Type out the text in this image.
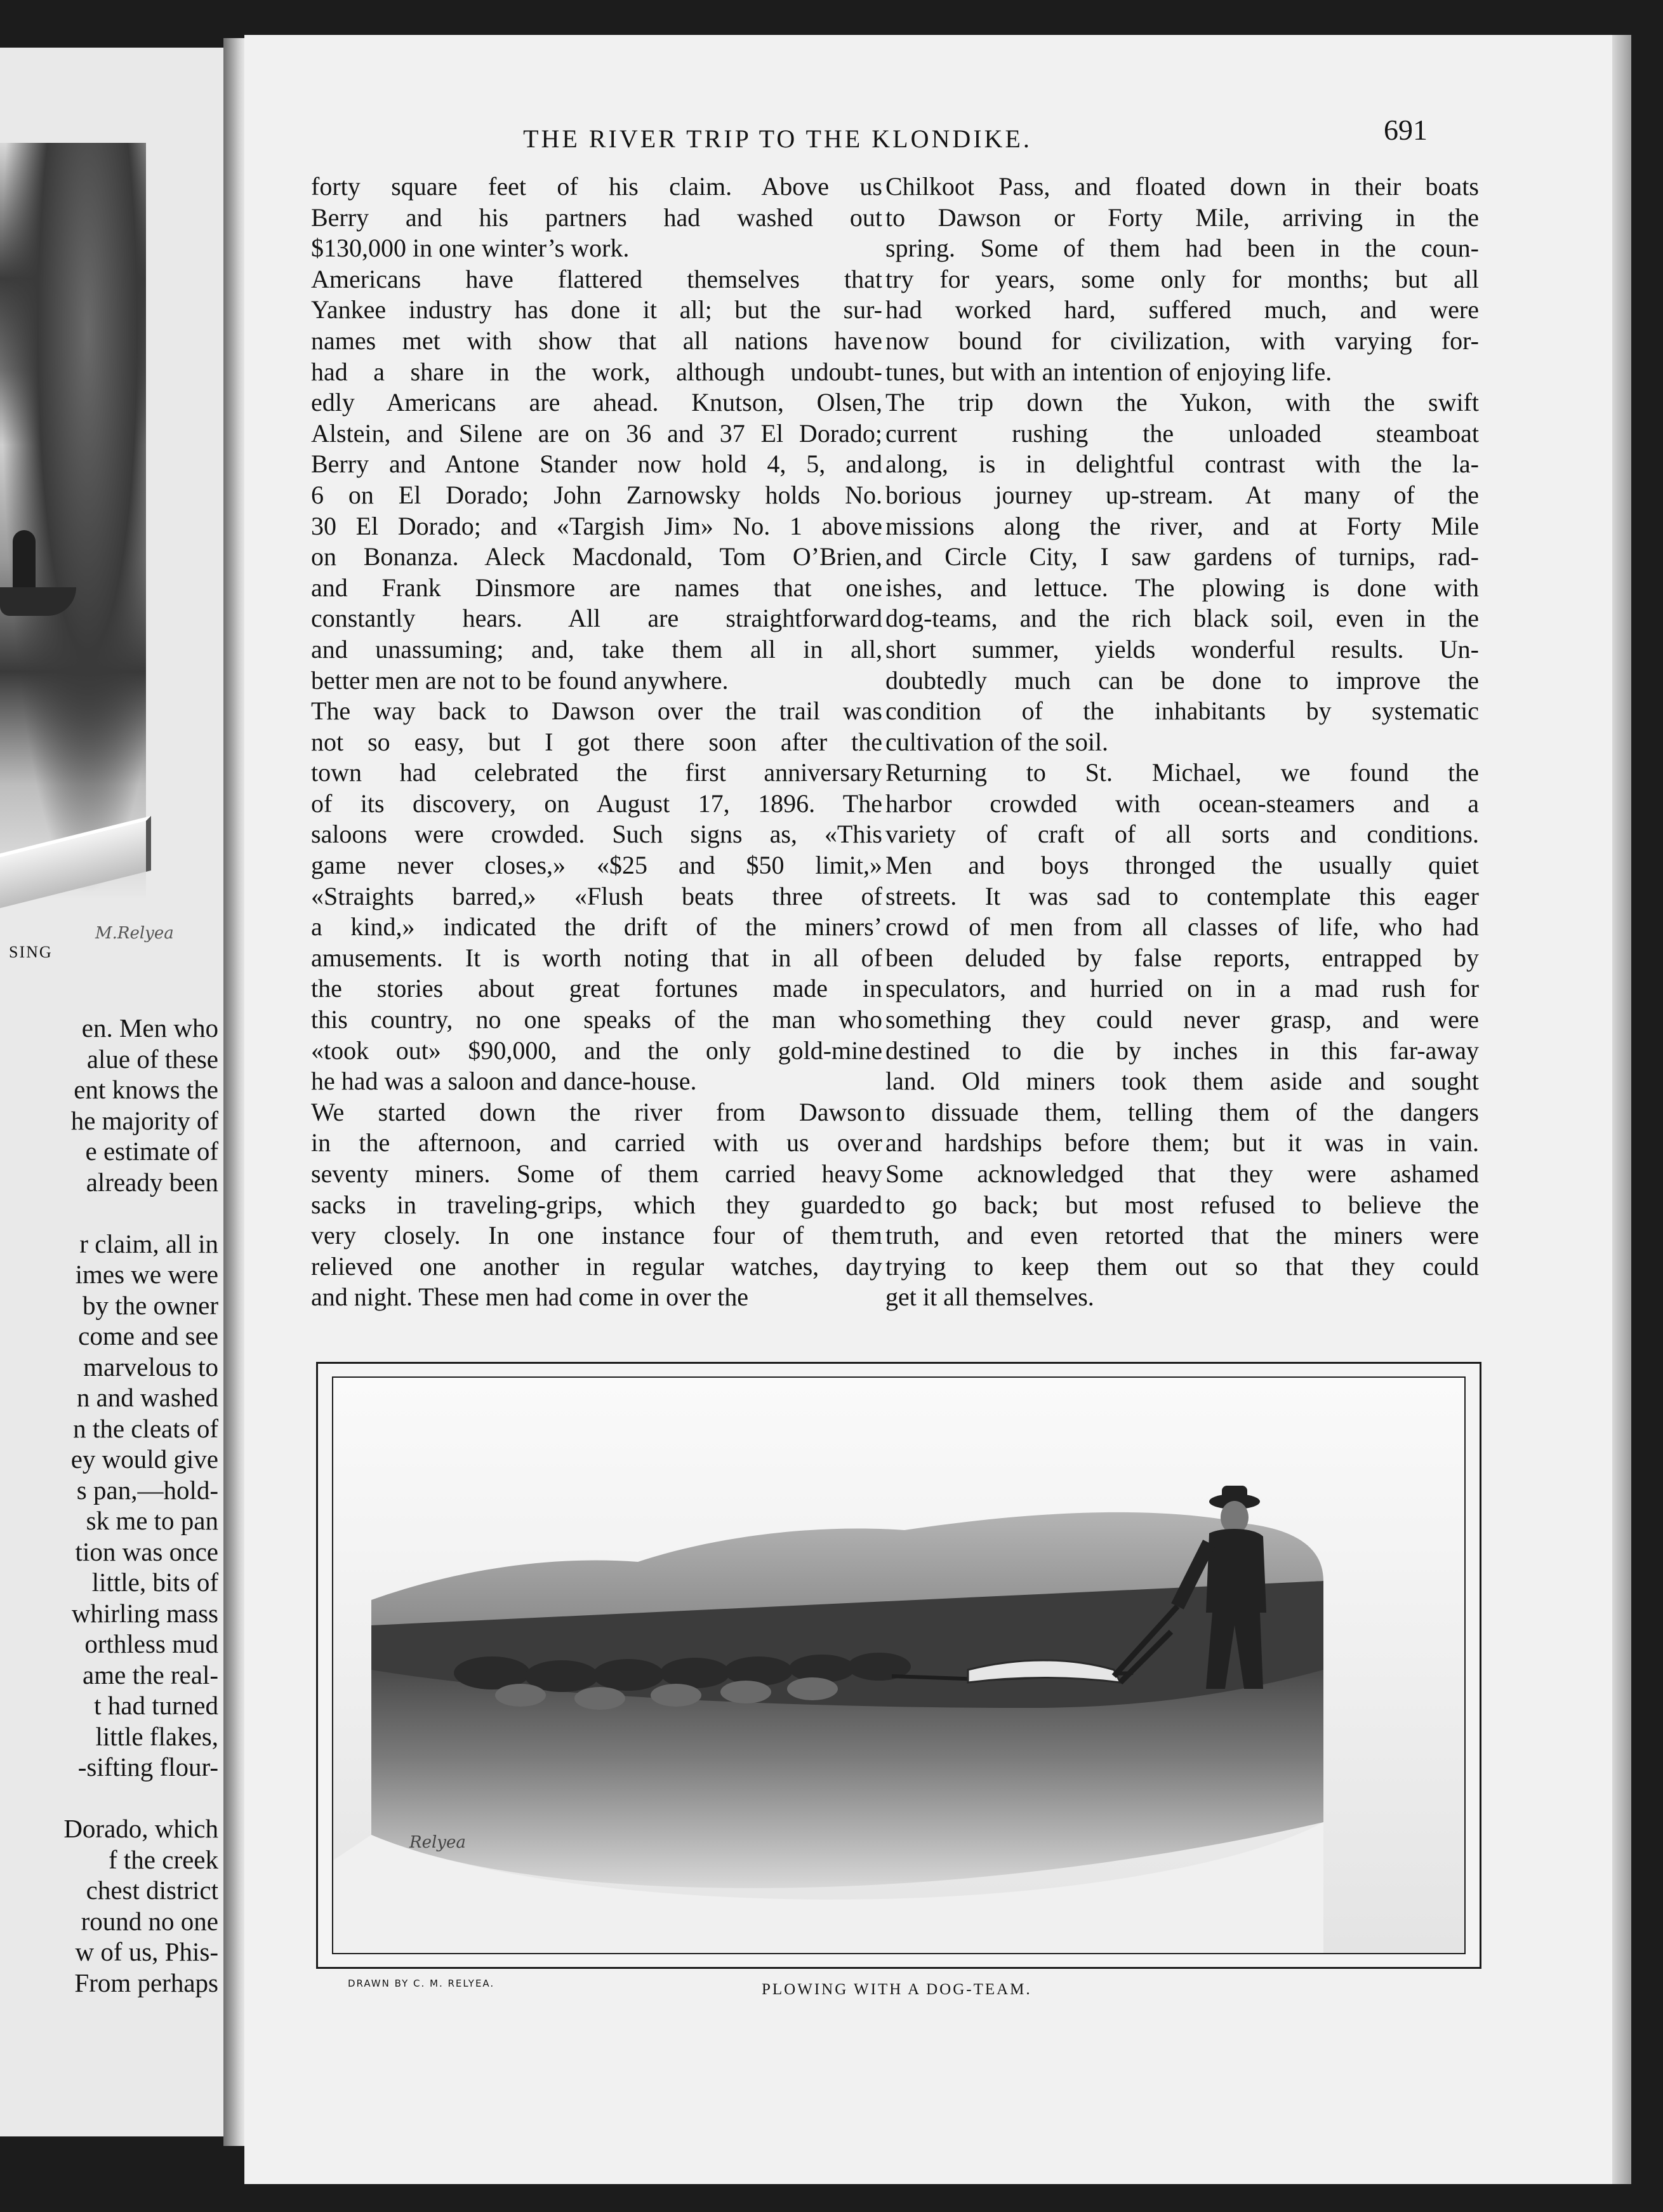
M.Relyea
SING
en. Men who
alue of these
ent knows the
he majority of
e estimate of
already been
r claim, all in
imes we were
by the owner
come and see
marvelous to
n and washed
n the cleats of
ey would give
s pan,—hold-
sk me to pan
tion was once
little, bits of
whirling mass
orthless mud
ame the real-
t had turned
little flakes,
-sifting flour-
Dorado, which
f the creek
chest district
round no one
w of us, Phis-
From perhaps
THE RIVER TRIP TO THE KLONDIKE.	691
forty square feet of his claim. Above us
Berry and his partners had washed out
$130,000 in one winter’s work.
Americans have flattered themselves that
Yankee industry has done it all; but the sur-
names met with show that all nations have
had a share in the work, although undoubt-
edly Americans are ahead. Knutson, Olsen,
Alstein, and Silene are on 36 and 37 El Dorado;
Berry and Antone Stander now hold 4, 5, and
6 on El Dorado; John Zarnowsky holds No.
30 El Dorado; and «Targish Jim» No. 1 above
on Bonanza. Aleck Macdonald, Tom O’Brien,
and Frank Dinsmore are names that one
constantly hears. All are straightforward
and unassuming; and, take them all in all,
better men are not to be found anywhere.
The way back to Dawson over the trail was
not so easy, but I got there soon after the
town had celebrated the first anniversary
of its discovery, on August 17, 1896. The
saloons were crowded. Such signs as, «This
game never closes,» «$25 and $50 limit,»
«Straights barred,» «Flush beats three of
a kind,» indicated the drift of the miners’
amusements. It is worth noting that in all of
the stories about great fortunes made in
this country, no one speaks of the man who
«took out» $90,000, and the only gold-mine
he had was a saloon and dance-house.
We started down the river from Dawson
in the afternoon, and carried with us over
seventy miners. Some of them carried heavy
sacks in traveling-grips, which they guarded
very closely. In one instance four of them
relieved one another in regular watches, day
and night. These men had come in over the
Chilkoot Pass, and floated down in their boats
to Dawson or Forty Mile, arriving in the
spring. Some of them had been in the coun-
try for years, some only for months; but all
had worked hard, suffered much, and were
now bound for civilization, with varying for-
tunes, but with an intention of enjoying life.
The trip down the Yukon, with the swift
current rushing the unloaded steamboat
along, is in delightful contrast with the la-
borious journey up-stream. At many of the
missions along the river, and at Forty Mile
and Circle City, I saw gardens of turnips, rad-
ishes, and lettuce. The plowing is done with
dog-teams, and the rich black soil, even in the
short summer, yields wonderful results. Un-
doubtedly much can be done to improve the
condition of the inhabitants by systematic
cultivation of the soil.
Returning to St. Michael, we found the
harbor crowded with ocean-steamers and a
variety of craft of all sorts and conditions.
Men and boys thronged the usually quiet
streets. It was sad to contemplate this eager
crowd of men from all classes of life, who had
been deluded by false reports, entrapped by
speculators, and hurried on in a mad rush for
something they could never grasp, and were
destined to die by inches in this far-away
land. Old miners took them aside and sought
to dissuade them, telling them of the dangers
and hardships before them; but it was in vain.
Some acknowledged that they were ashamed
to go back; but most refused to believe the
truth, and even retorted that the miners were
trying to keep them out so that they could
get it all themselves.
Relyea
DRAWN BY C. M. RELYEA.	PLOWING WITH A DOG-TEAM.
